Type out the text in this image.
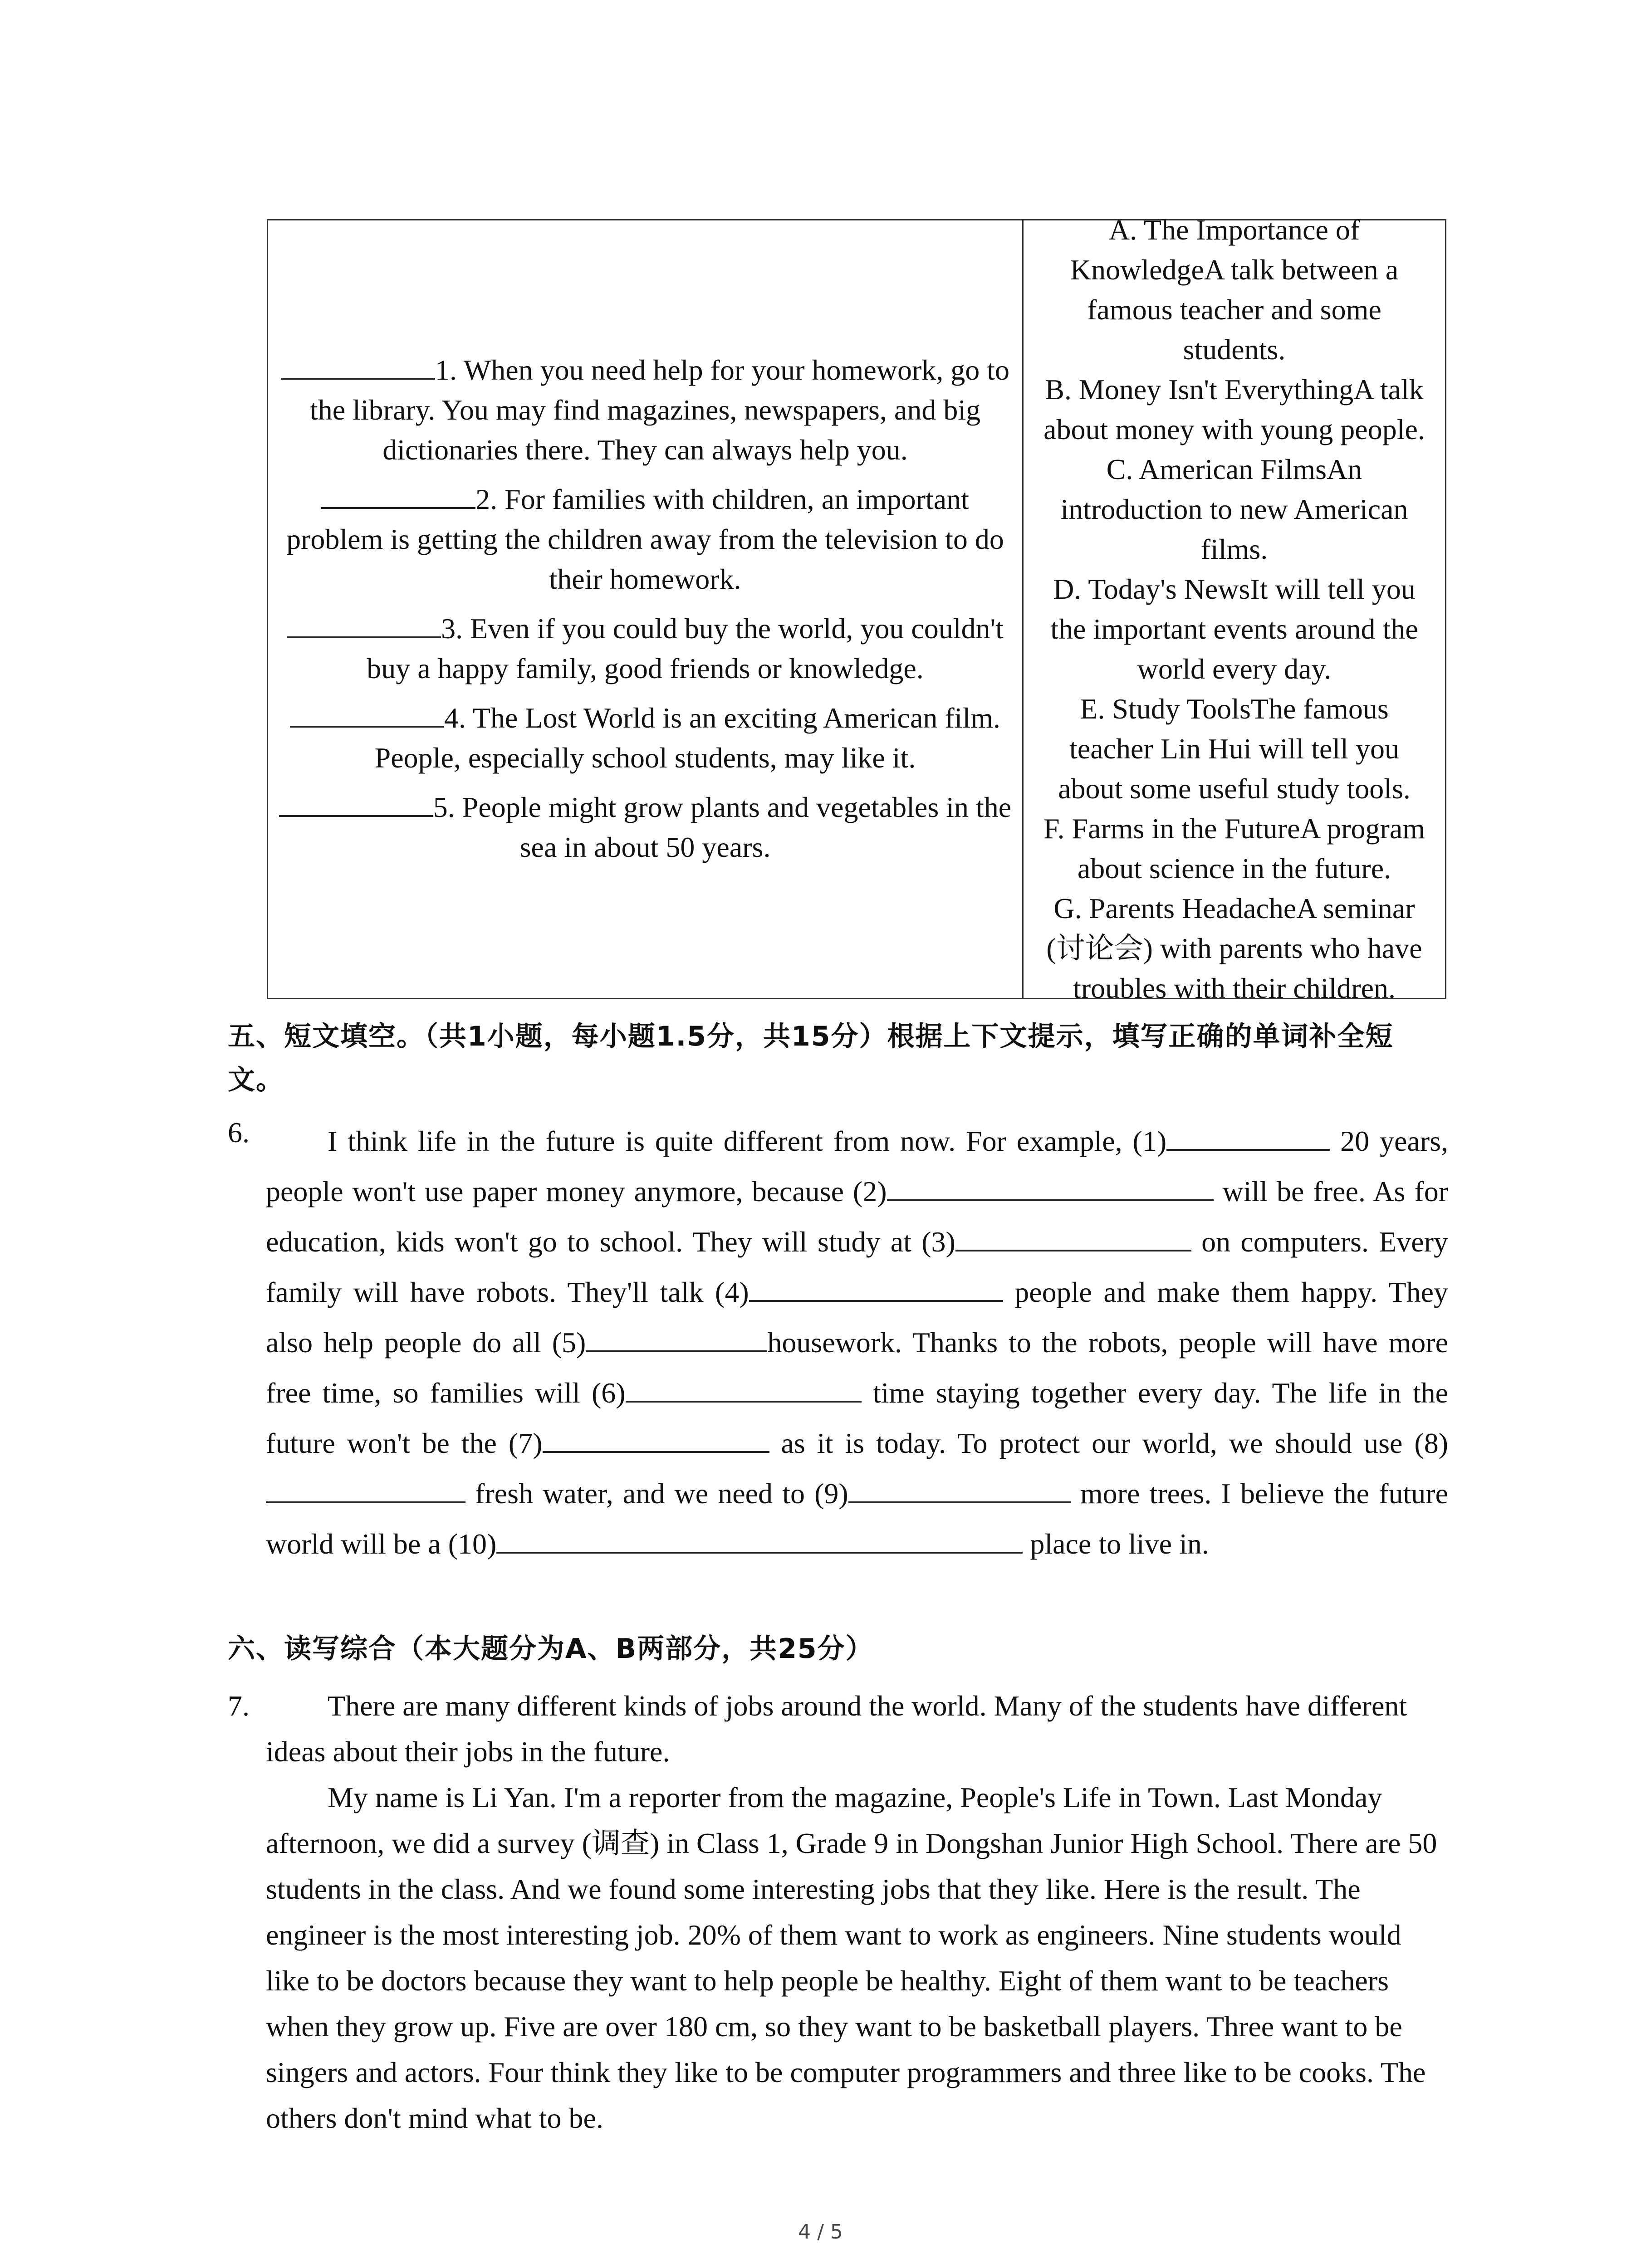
1. When you need help for your homework, go to the library. You may find magazines, newspapers, and big dictionaries there. They can always help you.

2. For families with children, an important problem is getting the children away from the television to do their homework.

3. Even if you could buy the world, you couldn't buy a happy family, good friends or knowledge.

4. The Lost World is an exciting American film. People, especially school students, may like it.

5. People might grow plants and vegetables in the sea in about 50 years.

A. The Importance of KnowledgeA talk between a famous teacher and some students.

B. Money Isn't EverythingA talk about money with young people.

C. American FilmsAn introduction to new American films.

D. Today's NewsIt will tell you the important events around the world every day.

E. Study ToolsThe famous teacher Lin Hui will tell you about some useful study tools.

F. Farms in the FutureA program about science in the future.

G. Parents HeadacheA seminar (讨论会) with parents who have troubles with their children.

五、短文填空。（共1小题，每小题1.5分，共15分）根据上下文提示，填写正确的单词补全短文。
6.	I think life in the future is quite different from now. For example, (1)	20 years, people won't use paper money anymore, because (2)	will be free. As for education, kids won't go to school. They will study at (3)	on computers. Every family will have robots. They'll talk (4)	people and make them happy. They also help people do all (5)	housework. Thanks to the robots, people will have more free time, so families will (6)	time staying together every day. The life in the future won't be the (7)	as it is today. To protect our world, we should use (8) fresh water, and we need to (9)	more trees. I believe the future world will be a (10)	place to live in.
六、读写综合（本大题分为A、B两部分，共25分）
7.	There are many different kinds of jobs around the world. Many of the students have different ideas about their jobs in the future.

My name is Li Yan. I'm a reporter from the magazine, People's Life in Town. Last Monday afternoon, we did a survey (调查) in Class 1, Grade 9 in Dongshan Junior High School. There are 50 students in the class. And we found some interesting jobs that they like. Here is the result. The engineer is the most interesting job. 20% of them want to work as engineers. Nine students would like to be doctors because they want to help people be healthy. Eight of them want to be teachers when they grow up. Five are over 180 cm, so they want to be basketball players. Three want to be singers and actors. Four think they like to be computer programmers and three like to be cooks. The others don't mind what to be.

4 / 5
